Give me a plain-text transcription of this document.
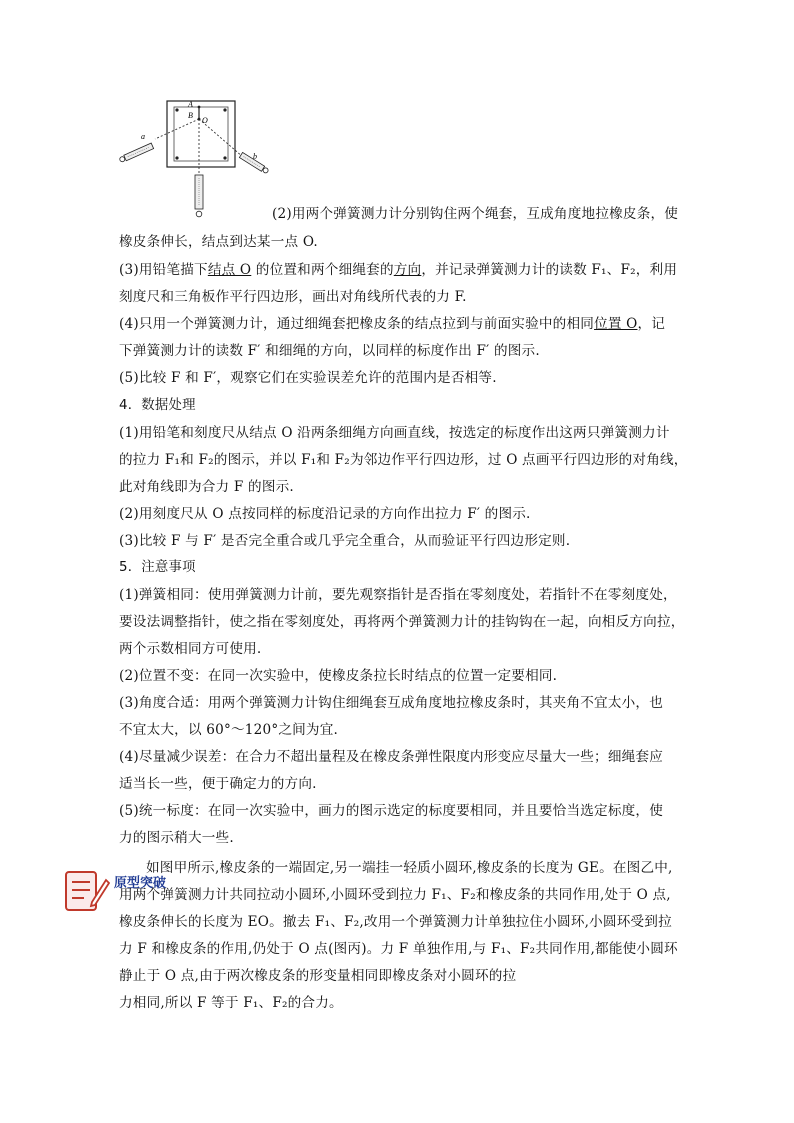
A
B
O
a
b
(2)用两个弹簧测力计分别钩住两个绳套，互成角度地拉橡皮条，使
橡皮条伸长，结点到达某一点 O.
(3)用铅笔描下结点 O 的位置和两个细绳套的方向，并记录弹簧测力计的读数 F₁、F₂，利用
刻度尺和三角板作平行四边形，画出对角线所代表的力 F.
(4)只用一个弹簧测力计，通过细绳套把橡皮条的结点拉到与前面实验中的相同位置 O，记
下弹簧测力计的读数 F′ 和细绳的方向，以同样的标度作出 F′ 的图示.
(5)比较 F 和 F′，观察它们在实验误差允许的范围内是否相等.
4．数据处理
(1)用铅笔和刻度尺从结点 O 沿两条细绳方向画直线，按选定的标度作出这两只弹簧测力计
的拉力 F₁和 F₂的图示，并以 F₁和 F₂为邻边作平行四边形，过 O 点画平行四边形的对角线，
此对角线即为合力 F 的图示.
(2)用刻度尺从 O 点按同样的标度沿记录的方向作出拉力 F′ 的图示.
(3)比较 F 与 F′ 是否完全重合或几乎完全重合，从而验证平行四边形定则.
5．注意事项
(1)弹簧相同：使用弹簧测力计前，要先观察指针是否指在零刻度处，若指针不在零刻度处，
要设法调整指针，使之指在零刻度处，再将两个弹簧测力计的挂钩钩在一起，向相反方向拉，
两个示数相同方可使用.
(2)位置不变：在同一次实验中，使橡皮条拉长时结点的位置一定要相同.
(3)角度合适：用两个弹簧测力计钩住细绳套互成角度地拉橡皮条时，其夹角不宜太小，也
不宜太大，以 60°～120°之间为宜.
(4)尽量减少误差：在合力不超出量程及在橡皮条弹性限度内形变应尽量大一些；细绳套应
适当长一些，便于确定力的方向.
(5)统一标度：在同一次实验中，画力的图示选定的标度要相同，并且要恰当选定标度，使
力的图示稍大一些.
原型突破
如图甲所示,橡皮条的一端固定,另一端挂一轻质小圆环,橡皮条的长度为 GE。在图乙中,
用两个弹簧测力计共同拉动小圆环,小圆环受到拉力 F₁、F₂和橡皮条的共同作用,处于 O 点,
橡皮条伸长的长度为 EO。撤去 F₁、F₂,改用一个弹簧测力计单独拉住小圆环,小圆环受到拉
力 F 和橡皮条的作用,仍处于 O 点(图丙)。力 F 单独作用,与 F₁、F₂共同作用,都能使小圆环
静止于 O 点,由于两次橡皮条的形变量相同即橡皮条对小圆环的拉
力相同,所以 F 等于 F₁、F₂的合力。
